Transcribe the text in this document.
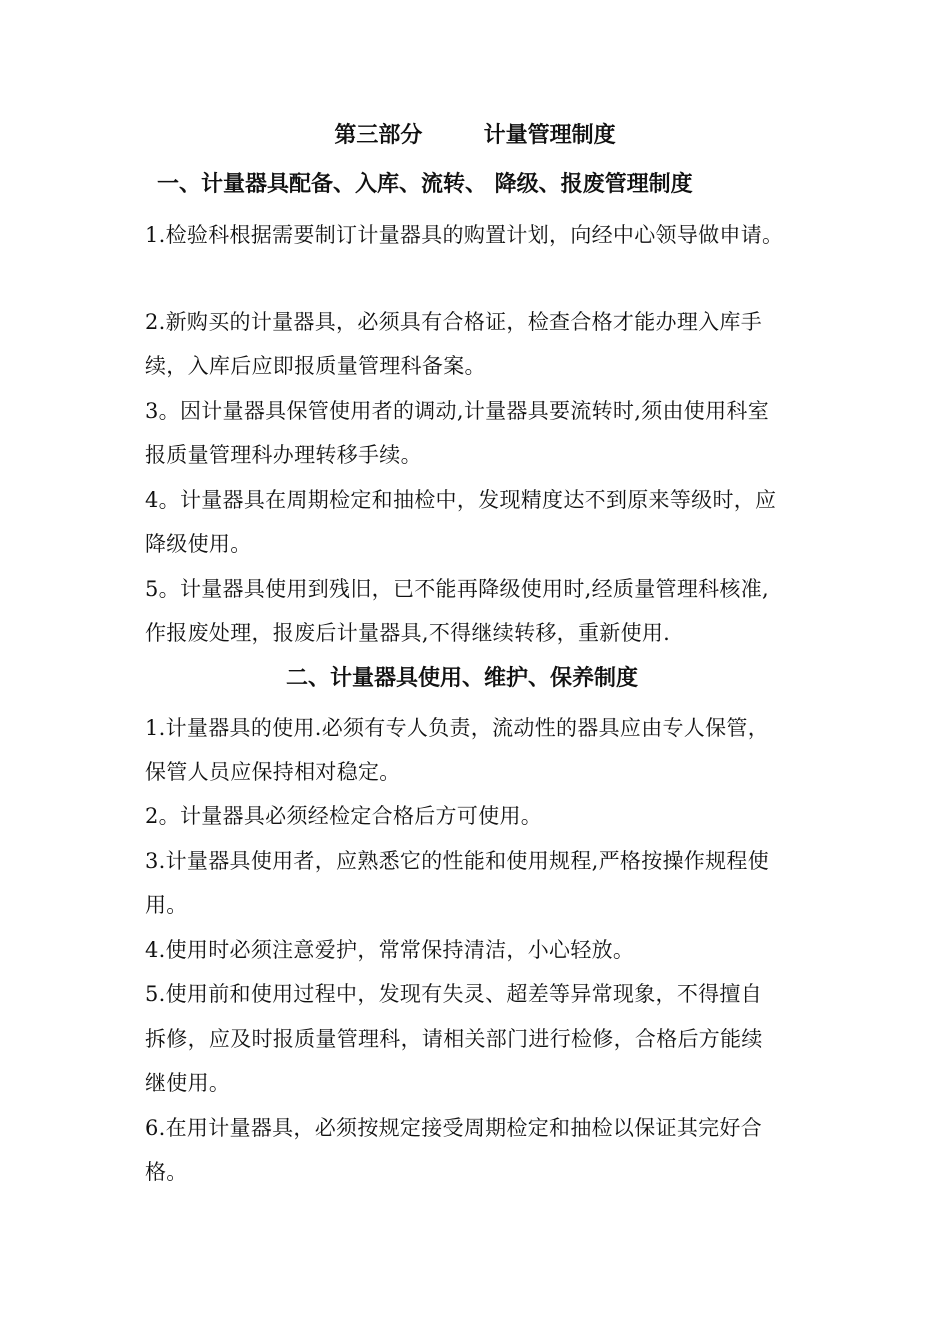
第三部分        计量管理制度
一、计量器具配备、入库、流转、 降级、报废管理制度
1.检验科根据需要制订计量器具的购置计划，向经中心领导做申请。
2.新购买的计量器具，必须具有合格证，检查合格才能办理入库手
续，入库后应即报质量管理科备案。
3。因计量器具保管使用者的调动,计量器具要流转时,须由使用科室
报质量管理科办理转移手续。
4。计量器具在周期检定和抽检中，发现精度达不到原来等级时，应
降级使用。
5。计量器具使用到残旧，已不能再降级使用时,经质量管理科核准,
作报废处理，报废后计量器具,不得继续转移，重新使用.
二、计量器具使用、维护、保养制度
1.计量器具的使用.必须有专人负责，流动性的器具应由专人保管，
保管人员应保持相对稳定。
2。计量器具必须经检定合格后方可使用。
3.计量器具使用者，应熟悉它的性能和使用规程,严格按操作规程使
用。
4.使用时必须注意爱护，常常保持清洁，小心轻放。
5.使用前和使用过程中，发现有失灵、超差等异常现象，不得擅自
拆修，应及时报质量管理科，请相关部门进行检修，合格后方能续
继使用。
6.在用计量器具，必须按规定接受周期检定和抽检以保证其完好合
格。
